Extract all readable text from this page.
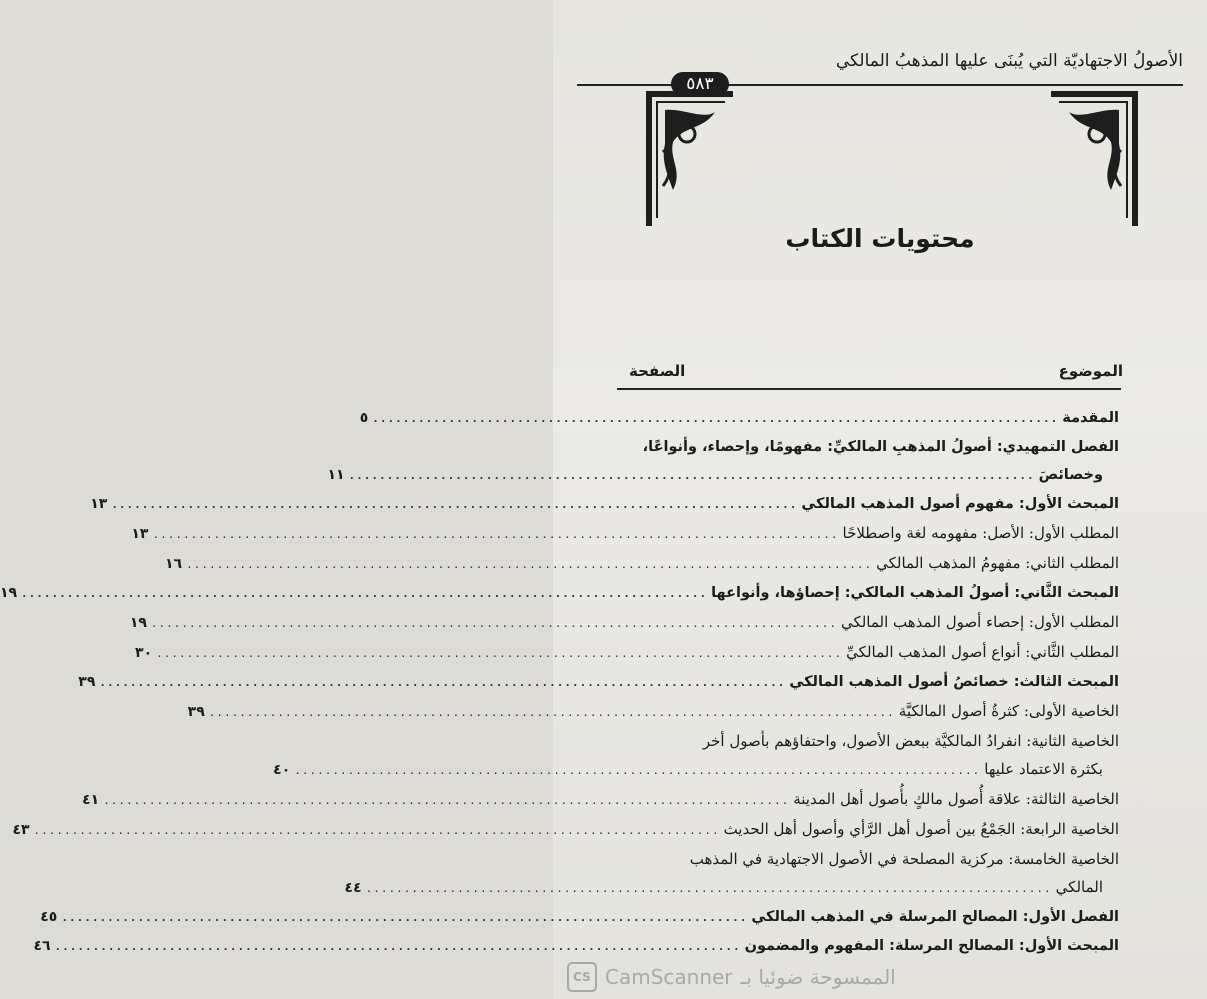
الأصولُ الاجتهاديّة التي يُبنَى عليها المذهبُ المالكي
٥٨٣
محتويات الكتاب
الموضوع
الصفحة
المقدمة
..........................................................................................
٥
الفصل التمهيدي: أصولُ المذهبِ المالكيِّ: مفهومًا، وإحصاء، وأنواعًا،
وخصائصَ
..........................................................................................
١١
المبحث الأول: مفهوم أصول المذهب المالكي
..........................................................................................
١٣
المطلب الأول: الأصل: مفهومه لغة واصطلاحًا
..........................................................................................
١٣
المطلب الثاني: مفهومُ المذهب المالكي
..........................................................................................
١٦
المبحث الثَّاني: أصولُ المذهب المالكي: إحصاؤها، وأنواعها
..........................................................................................
١٩
المطلب الأول: إحصاء أصول المذهب المالكي
..........................................................................................
١٩
المطلب الثَّاني: أنواع أصول المذهب المالكيِّ
..........................................................................................
٣٠
المبحث الثالث: خصائصُ أصول المذهب المالكي
..........................................................................................
٣٩
الخاصية الأولى: كثرةُ أصول المالكيَّة
..........................................................................................
٣٩
الخاصية الثانية: انفرادُ المالكيَّة ببعض الأصول، واحتفاؤهم بأصول أخر
بكثرة الاعتماد عليها
..........................................................................................
٤٠
الخاصية الثالثة: علاقة أُصول مالكٍ بأُصول أهل المدينة
..........................................................................................
٤١
الخاصية الرابعة: الجَمْعُ بين أصول أهل الرَّأي وأصول أهل الحديث
..........................................................................................
٤٣
الخاصية الخامسة: مركزية المصلحة في الأصول الاجتهادية في المذهب
المالكي
..........................................................................................
٤٤
الفصل الأول: المصالح المرسلة في المذهب المالكي
..........................................................................................
٤٥
المبحث الأول: المصالح المرسلة: المفهوم والمضمون
..........................................................................................
٤٦
CS CamScanner الممسوحة ضوئيا بـ
